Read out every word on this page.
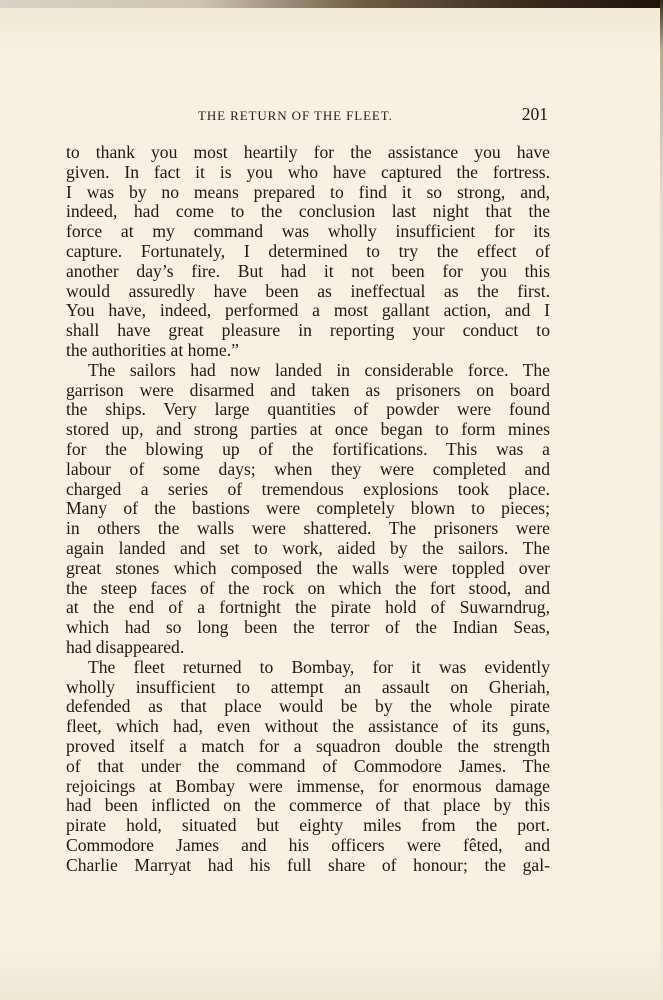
THE RETURN OF THE FLEET.	201
to thank you most heartily for the assistance you have
given. In fact it is you who have captured the fortress.
I was by no means prepared to find it so strong, and,
indeed, had come to the conclusion last night that the
force at my command was wholly insufficient for its
capture. Fortunately, I determined to try the effect of
another day’s fire. But had it not been for you this
would assuredly have been as ineffectual as the first.
You have, indeed, performed a most gallant action, and I
shall have great pleasure in reporting your conduct to
the authorities at home.”
The sailors had now landed in considerable force. The
garrison were disarmed and taken as prisoners on board
the ships. Very large quantities of powder were found
stored up, and strong parties at once began to form mines
for the blowing up of the fortifications. This was a
labour of some days; when they were completed and
charged a series of tremendous explosions took place.
Many of the bastions were completely blown to pieces;
in others the walls were shattered. The prisoners were
again landed and set to work, aided by the sailors. The
great stones which composed the walls were toppled over
the steep faces of the rock on which the fort stood, and
at the end of a fortnight the pirate hold of Suwarndrug,
which had so long been the terror of the Indian Seas,
had disappeared.
The fleet returned to Bombay, for it was evidently
wholly insufficient to attempt an assault on Gheriah,
defended as that place would be by the whole pirate
fleet, which had, even without the assistance of its guns,
proved itself a match for a squadron double the strength
of that under the command of Commodore James. The
rejoicings at Bombay were immense, for enormous damage
had been inflicted on the commerce of that place by this
pirate hold, situated but eighty miles from the port.
Commodore James and his officers were fêted, and
Charlie Marryat had his full share of honour; the gal-
